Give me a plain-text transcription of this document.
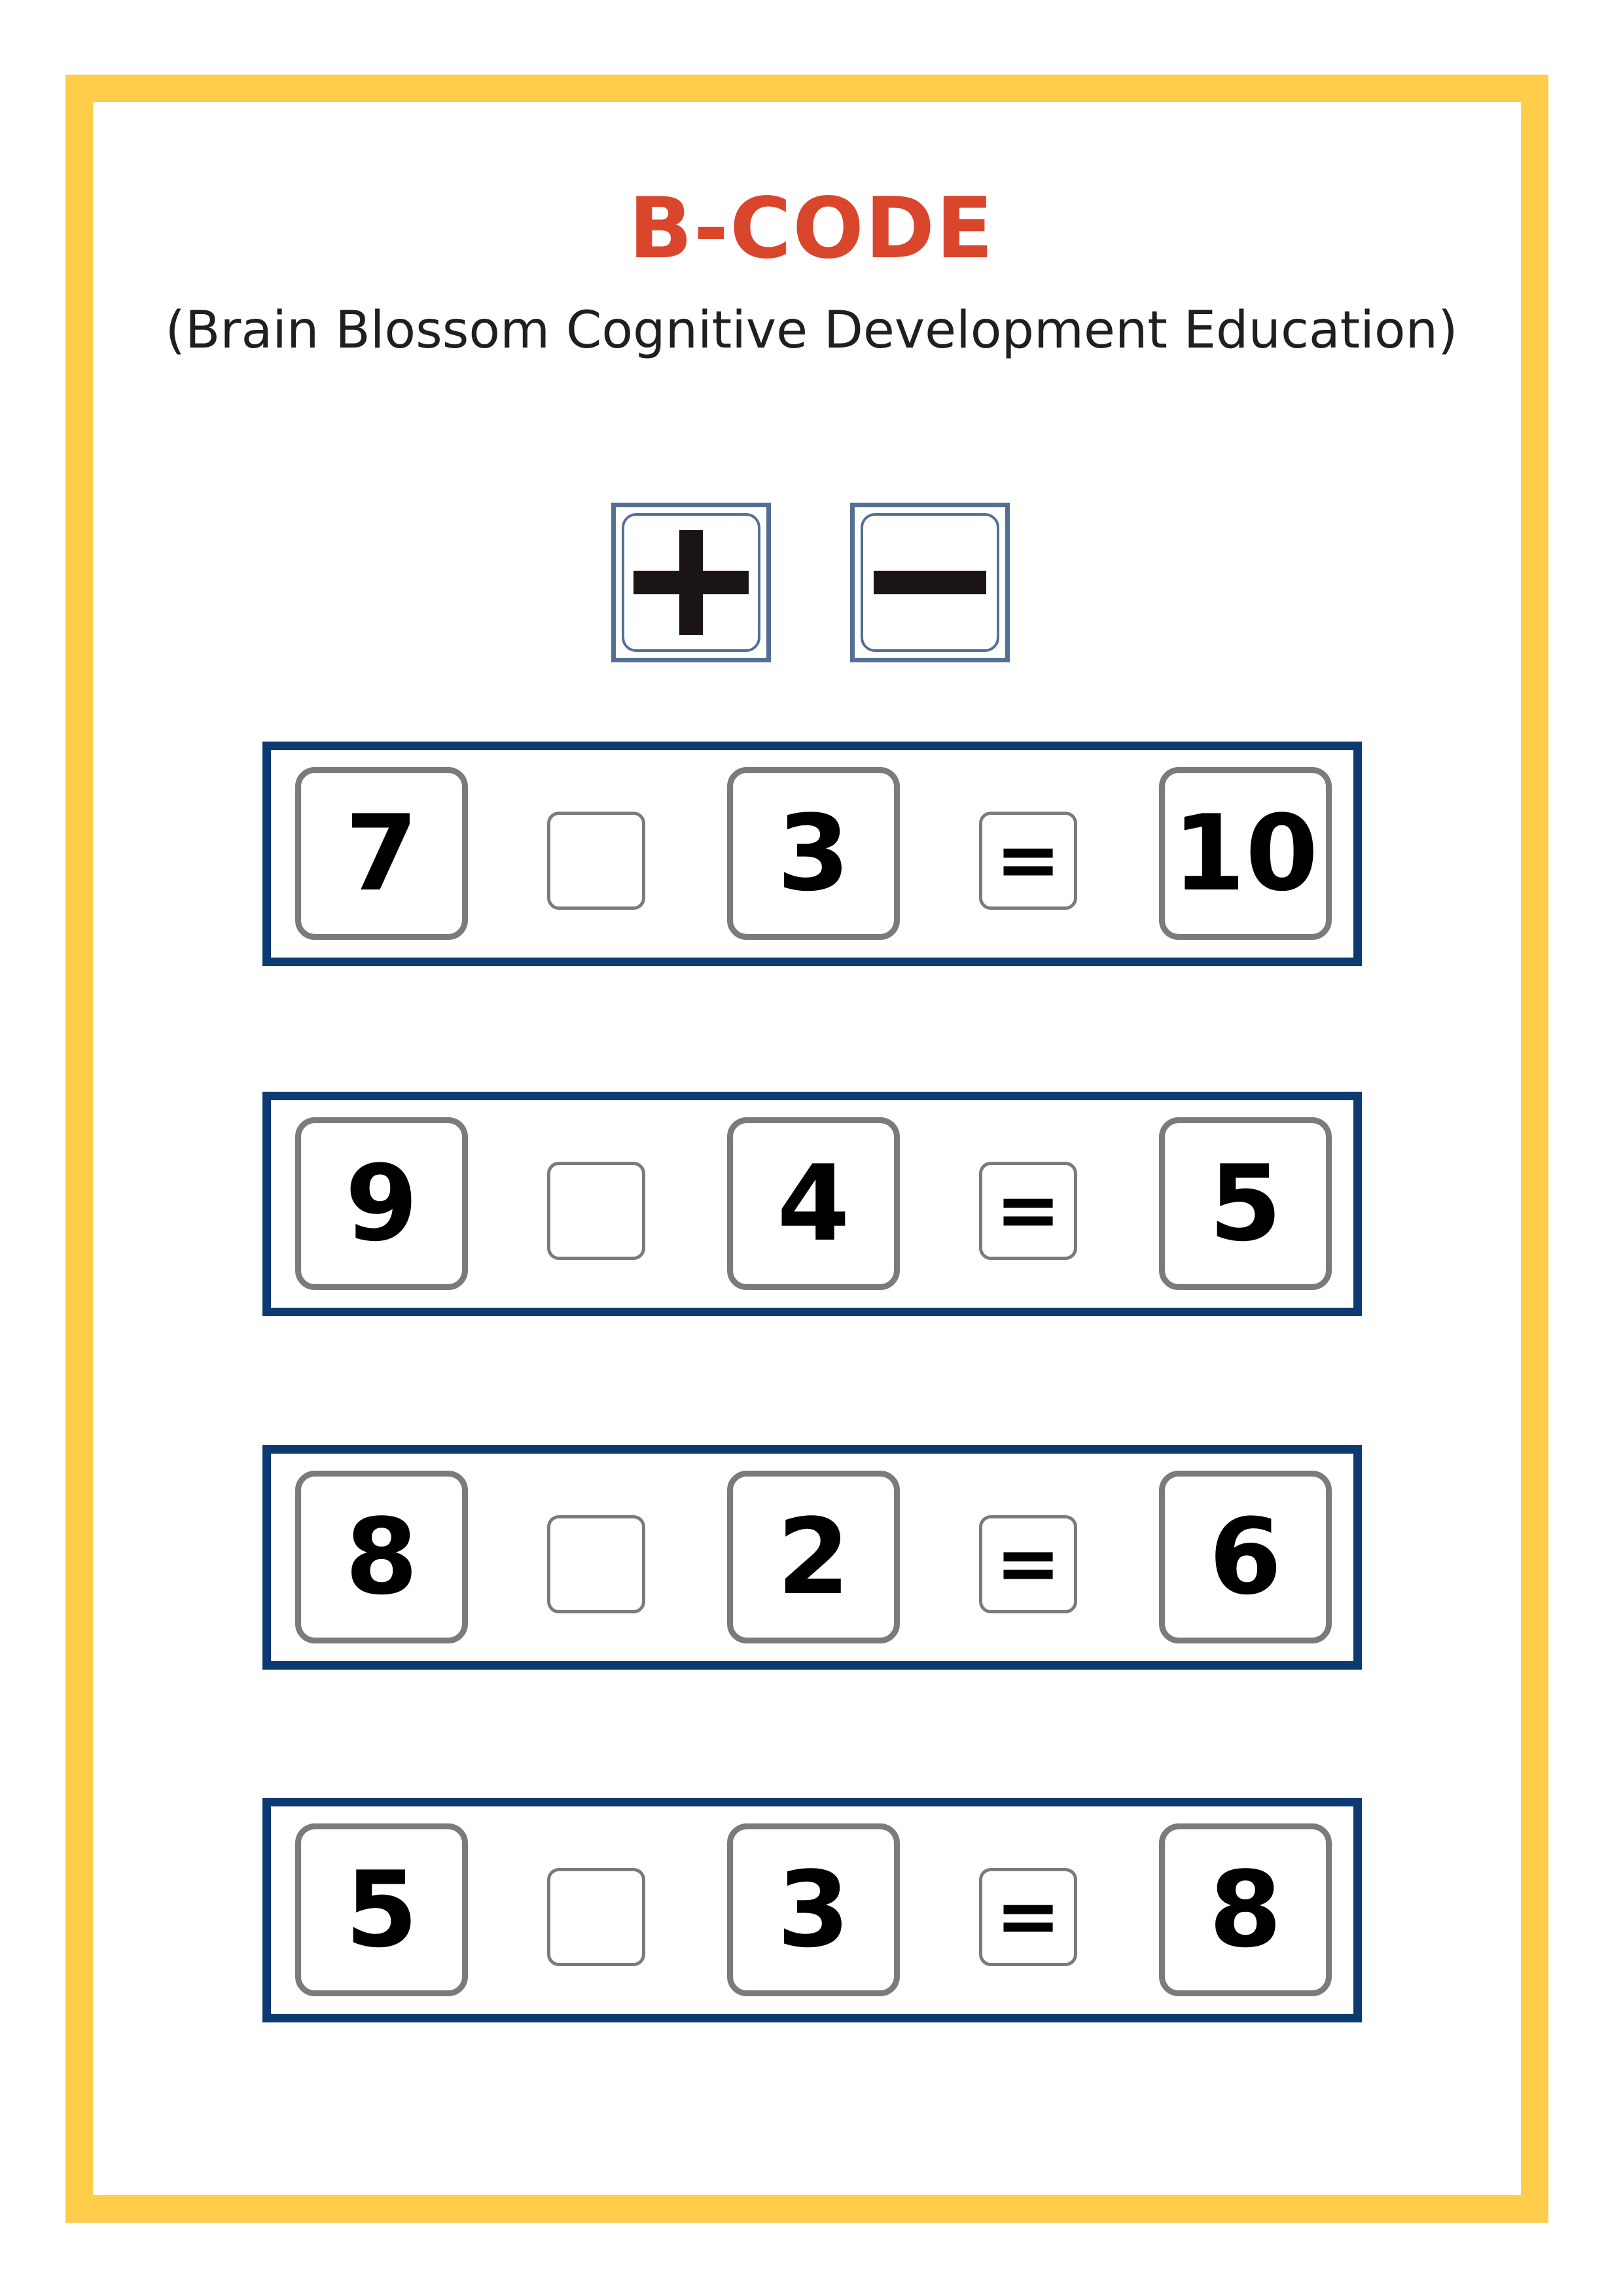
B-CODE
(Brain Blossom Cognitive Development Education)
7	3	= 10
9	4	=	5
8	2	=	6
5	3	=	8
